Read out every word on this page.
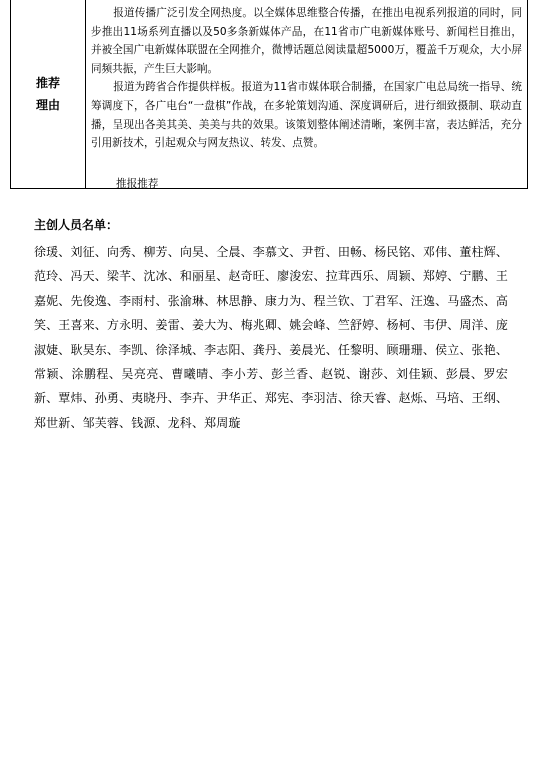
推荐
理由

报道传播广泛引发全网热度。以全媒体思维整合传播，在推出电视系列报道的同时，同步推出11场系列直播以及50多条新媒体产品，在11省市广电新媒体账号、新闻栏目推出，并被全国广电新媒体联盟在全网推介，微博话题总阅读量超5000万，覆盖千万观众，大小屏同频共振，产生巨大影响。

报道为跨省合作提供样板。报道为11省市媒体联合制播，在国家广电总局统一指导、统筹调度下，各广电台“一盘棋”作战，在多轮策划沟通、深度调研后，进行细致摄制、联动直播，呈现出各美其美、美美与共的效果。该策划整体阐述清晰，案例丰富，表达鲜活，充分引用新技术，引起观众与网友热议、转发、点赞。

推报推荐

主创人员名单：

徐瑗、刘征、向秀、柳芳、向昊、仝晨、李慕文、尹哲、田畅、杨民铭、邓伟、董柱辉、范玲、冯天、梁芊、沈冰、和丽星、赵奇旺、廖浚宏、拉茸西乐、周颖、郑婷、宁鹏、王嘉妮、先俊逸、李雨村、张渝琳、林思静、康力为、程兰钦、丁君军、汪逸、马盛杰、高笑、王喜来、方永明、姜雷、姜大为、梅兆卿、姚会峰、竺舒婷、杨柯、韦伊、周洋、庞淑婕、耿昊东、李凯、徐泽城、李志阳、龚丹、姜晨光、任黎明、顾珊珊、侯立、张艳、常颖、涂鹏程、吴亮亮、曹曦晴、李小芳、彭兰香、赵锐、谢莎、刘佳颖、彭晨、罗宏新、覃炜、孙勇、夷晓丹、李卉、尹华正、郑宪、李羽洁、徐天睿、赵烁、马培、王纲、郑世新、邹芙蓉、钱源、龙科、郑周璇
